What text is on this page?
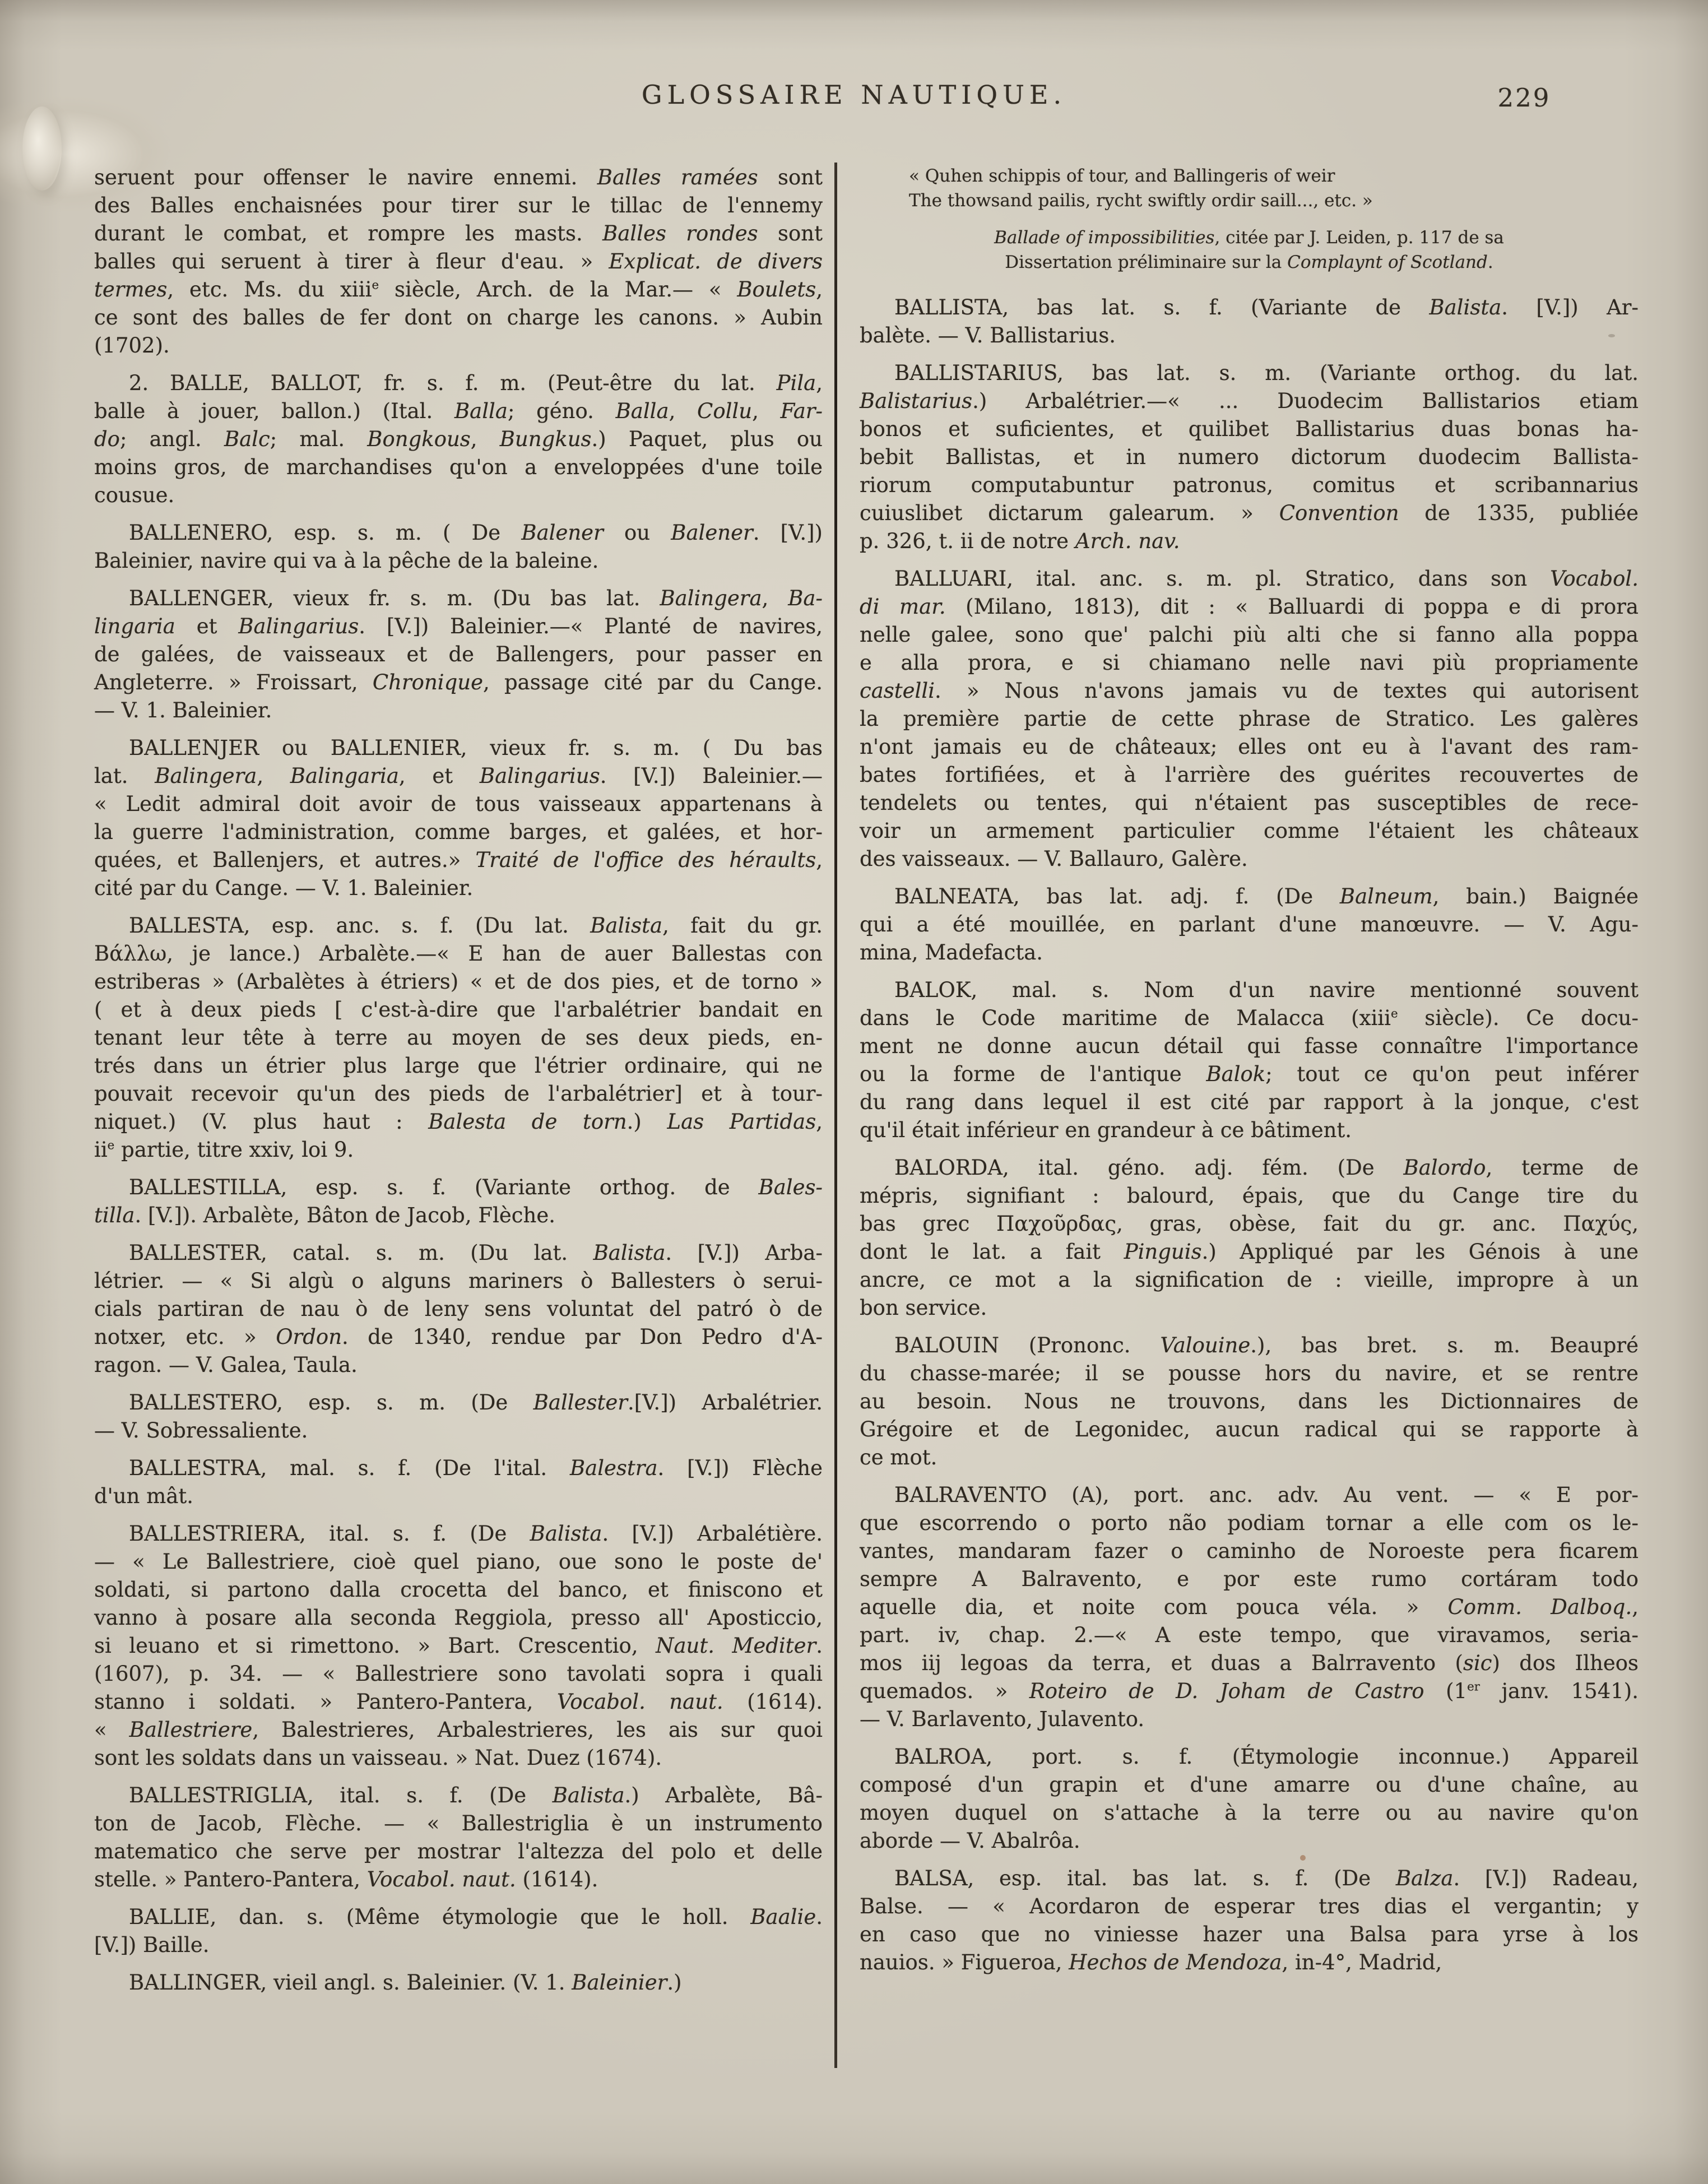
GLOSSAIRE NAUTIQUE.	229
seruent pour offenser le navire ennemi. Balles ramées sont
des Balles enchaisnées pour tirer sur le tillac de l'ennemy
durant le combat, et rompre les masts. Balles rondes sont
balles qui seruent à tirer à fleur d'eau. » Explicat. de divers
termes, etc. Ms. du xiii$^e$ siècle, Arch. de la Mar.— « Boulets,
ce sont des balles de fer dont on charge les canons. » Aubin
(1702).
2. BALLE, BALLOT, fr. s. f. m. (Peut-être du lat. Pila,
balle à jouer, ballon.) (Ital. Balla; géno. Balla, Collu, Far-
do; angl. Balc; mal. Bongkous, Bungkus.) Paquet, plus ou
moins gros, de marchandises qu'on a enveloppées d'une toile
cousue.
BALLENERO, esp. s. m. ( De Balener ou Balener. [V.])
Baleinier, navire qui va à la pêche de la baleine.
BALLENGER, vieux fr. s. m. (Du bas lat. Balingera, Ba-
lingaria et Balingarius. [V.]) Baleinier.—« Planté de navires,
de galées, de vaisseaux et de Ballengers, pour passer en
Angleterre. » Froissart, Chronique, passage cité par du Cange.
— V. 1. Baleinier.
BALLENJER ou BALLENIER, vieux fr. s. m. ( Du bas
lat. Balingera, Balingaria, et Balingarius. [V.]) Baleinier.—
« Ledit admiral doit avoir de tous vaisseaux appartenans à
la guerre l'administration, comme barges, et galées, et hor-
quées, et Ballenjers, et autres.» Traité de l'office des héraults,
cité par du Cange. — V. 1. Baleinier.
BALLESTA, esp. anc. s. f. (Du lat. Balista, fait du gr.
Βάλλω, je lance.) Arbalète.—« E han de auer Ballestas con
estriberas » (Arbalètes à étriers) « et de dos pies, et de torno »
( et à deux pieds [ c'est-à-dire que l'arbalétrier bandait en
tenant leur tête à terre au moyen de ses deux pieds, en-
trés dans un étrier plus large que l'étrier ordinaire, qui ne
pouvait recevoir qu'un des pieds de l'arbalétrier] et à tour-
niquet.) (V. plus haut : Balesta de torn.) Las Partidas,
$ii^e$ partie, titre xxiv, loi 9.
BALLESTILLA, esp. s. f. (Variante orthog. de Bales-
tilla. [V.]). Arbalète, Bâton de Jacob, Flèche.
BALLESTER, catal. s. m. (Du lat. Balista. [V.]) Arba-
létrier. — « Si algù o alguns mariners ò Ballesters ò serui-
cials partiran de nau ò de leny sens voluntat del patró ò de
notxer, etc. » Ordon. de 1340, rendue par Don Pedro d'A-
ragon. — V. Galea, Taula.
BALLESTERO, esp. s. m. (De Ballester.[V.]) Arbalétrier.
— V. Sobressaliente.
BALLESTRA, mal. s. f. (De l'ital. Balestra. [V.]) Flèche
d'un mât.
BALLESTRIERA, ital. s. f. (De Balista. [V.]) Arbalétière.
— « Le Ballestriere, cioè quel piano, oue sono le poste de'
soldati, si partono dalla crocetta del banco, et finiscono et
vanno à posare alla seconda Reggiola, presso all' Aposticcio,
si leuano et si rimettono. » Bart. Crescentio, Naut. Mediter.
(1607), p. 34. — « Ballestriere sono tavolati sopra i quali
stanno i soldati. » Pantero-Pantera, Vocabol. naut. (1614).
« Ballestriere, Balestrieres, Arbalestrieres, les ais sur quoi
sont les soldats dans un vaisseau. » Nat. Duez (1674).
BALLESTRIGLIA, ital. s. f. (De Balista.) Arbalète, Bâ-
ton de Jacob, Flèche. — « Ballestriglia è un instrumento
matematico che serve per mostrar l'altezza del polo et delle
stelle. » Pantero-Pantera, Vocabol. naut. (1614).
BALLIE, dan. s. (Même étymologie que le holl. Baalie.
[V.]) Baille.
BALLINGER, vieil angl. s. Baleinier. (V. 1. Baleinier.)
« Quhen schippis of tour, and Ballingeris of weir
The thowsand pailis, rycht swiftly ordir saill..., etc. »
Ballade of impossibilities, citée par J. Leiden, p. 117 de sa
Dissertation préliminaire sur la Complaynt of Scotland.
BALLISTA, bas lat. s. f. (Variante de Balista. [V.]) Ar-
balète. — V. Ballistarius.
BALLISTARIUS, bas lat. s. m. (Variante orthog. du lat.
Balistarius.) Arbalétrier.—« ... Duodecim Ballistarios etiam
bonos et suficientes, et quilibet Ballistarius duas bonas ha-
bebit Ballistas, et in numero dictorum duodecim Ballista-
riorum computabuntur patronus, comitus et scribannarius
cuiuslibet dictarum galearum. » Convention de 1335, publiée
p. 326, t. ii de notre Arch. nav.
BALLUARI, ital. anc. s. m. pl. Stratico, dans son Vocabol.
di mar. (Milano, 1813), dit : « Balluardi di poppa e di prora
nelle galee, sono que' palchi più alti che si fanno alla poppa
e alla prora, e si chiamano nelle navi più propriamente
castelli. » Nous n'avons jamais vu de textes qui autorisent
la première partie de cette phrase de Stratico. Les galères
n'ont jamais eu de châteaux; elles ont eu à l'avant des ram-
bates fortifiées, et à l'arrière des guérites recouvertes de
tendelets ou tentes, qui n'étaient pas susceptibles de rece-
voir un armement particulier comme l'étaient les châteaux
des vaisseaux. — V. Ballauro, Galère.
BALNEATA, bas lat. adj. f. (De Balneum, bain.) Baignée
qui a été mouillée, en parlant d'une manœuvre. — V. Agu-
mina, Madefacta.
BALOK, mal. s. Nom d'un navire mentionné souvent
dans le Code maritime de Malacca (xiii$^e$ siècle). Ce docu-
ment ne donne aucun détail qui fasse connaître l'importance
ou la forme de l'antique Balok; tout ce qu'on peut inférer
du rang dans lequel il est cité par rapport à la jonque, c'est
qu'il était inférieur en grandeur à ce bâtiment.
BALORDA, ital. géno. adj. fém. (De Balordo, terme de
mépris, signifiant : balourd, épais, que du Cange tire du
bas grec Παχοῦρδας, gras, obèse, fait du gr. anc. Παχύς,
dont le lat. a fait Pinguis.) Appliqué par les Génois à une
ancre, ce mot a la signification de : vieille, impropre à un
bon service.
BALOUIN (Prononc. Valouine.), bas bret. s. m. Beaupré
du chasse-marée; il se pousse hors du navire, et se rentre
au besoin. Nous ne trouvons, dans les Dictionnaires de
Grégoire et de Legonidec, aucun radical qui se rapporte à
ce mot.
BALRAVENTO (A), port. anc. adv. Au vent. — « E por-
que escorrendo o porto não podiam tornar a elle com os le-
vantes, mandaram fazer o caminho de Noroeste pera ficarem
sempre A Balravento, e por este rumo cortáram todo
aquelle dia, et noite com pouca véla. » Comm. Dalboq.,
part. iv, chap. 2.—« A este tempo, que viravamos, seria-
mos iij legoas da terra, et duas a Balrravento (sic) dos Ilheos
quemados. » Roteiro de D. Joham de Castro (1er janv. 1541).
— V. Barlavento, Julavento.
BALROA, port. s. f. (Étymologie inconnue.) Appareil
composé d'un grapin et d'une amarre ou d'une chaîne, au
moyen duquel on s'attache à la terre ou au navire qu'on
aborde — V. Abalrôa.
BALSA, esp. ital. bas lat. s. f. (De Balza. [V.]) Radeau,
Balse. — « Acordaron de esperar tres dias el vergantin; y
en caso que no viniesse hazer una Balsa para yrse à los
nauios. » Figueroa, Hechos de Mendoza, in-4°, Madrid,
